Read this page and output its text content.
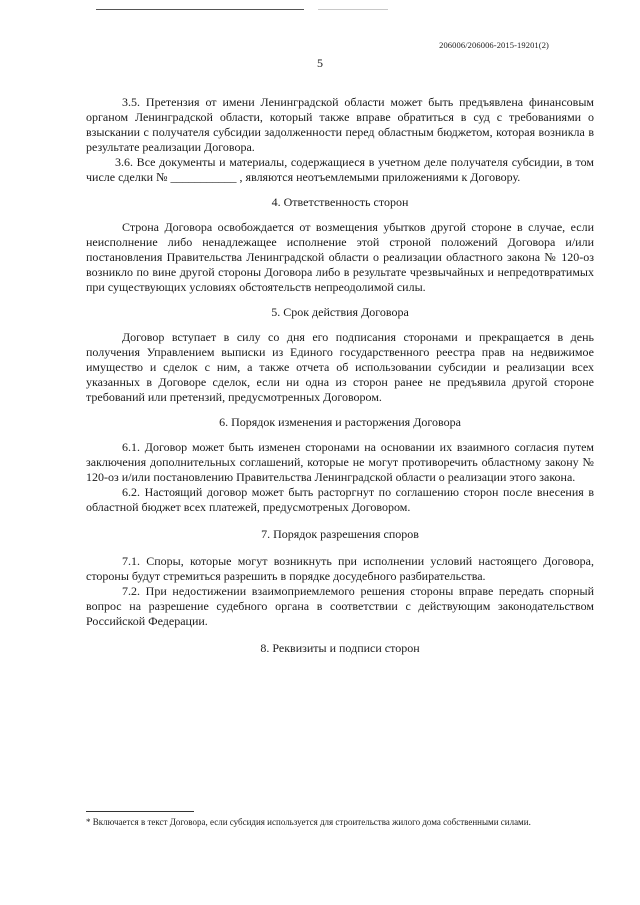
206006/206006-2015-19201(2)
5

3.5. Претензия от имени Ленинградской области может быть предъявлена финансовым органом Ленинградской области, который также вправе обратиться в суд с требованиями о взыскании с получателя субсидии задолженности перед областным бюджетом, которая возникла в результате реализации Договора.

3.6. Все документы и материалы, содержащиеся в учетном деле получателя субсидии, в том числе сделки № ___________ , являются неотъемлемыми приложениями к Договору.

4. Ответственность сторон

Строна Договора освобождается от возмещения убытков другой стороне в случае, если неисполнение либо ненадлежащее исполнение этой строной положений Договора и/или постановления Правительства Ленинградской области о реализации областного закона № 120-оз возникло по вине другой стороны Договора либо в результате чрезвычайных и непредотвратимых при существующих условиях обстоятельств непреодолимой силы.

5. Срок действия Договора

Договор вступает в силу со дня его подписания сторонами и прекращается в день получения Управлением выписки из Единого государственного реестра прав на недвижимое имущество и сделок с ним, а также отчета об использовании субсидии и реализации всех указанных в Договоре сделок, если ни одна из сторон ранее не предъявила другой стороне требований или претензий, предусмотренных Договором.

6. Порядок изменения и расторжения Договора

6.1. Договор может быть изменен сторонами на основании их взаимного согласия путем заключения дополнительных соглашений, которые не могут противоречить областному закону № 120-оз и/или постановлению Правительства Ленинградской области о реализации этого закона.

6.2. Настоящий договор может быть расторгнут по соглашению сторон после внесения в областной бюджет всех платежей, предусмотреных Договором.

7. Порядок разрешения споров

7.1. Споры, которые могут возникнуть при исполнении условий настоящего Договора, стороны будут стремиться разрешить в порядке досудебного разбирательства.

7.2. При недостижении взаимоприемлемого решения стороны вправе передать спорный вопрос на разрешение судебного органа в соответствии с действующим законодательством Российской Федерации.

8. Реквизиты и подписи сторон

* Включается в текст Договора, если субсидия используется для строительства жилого дома собственными силами.
